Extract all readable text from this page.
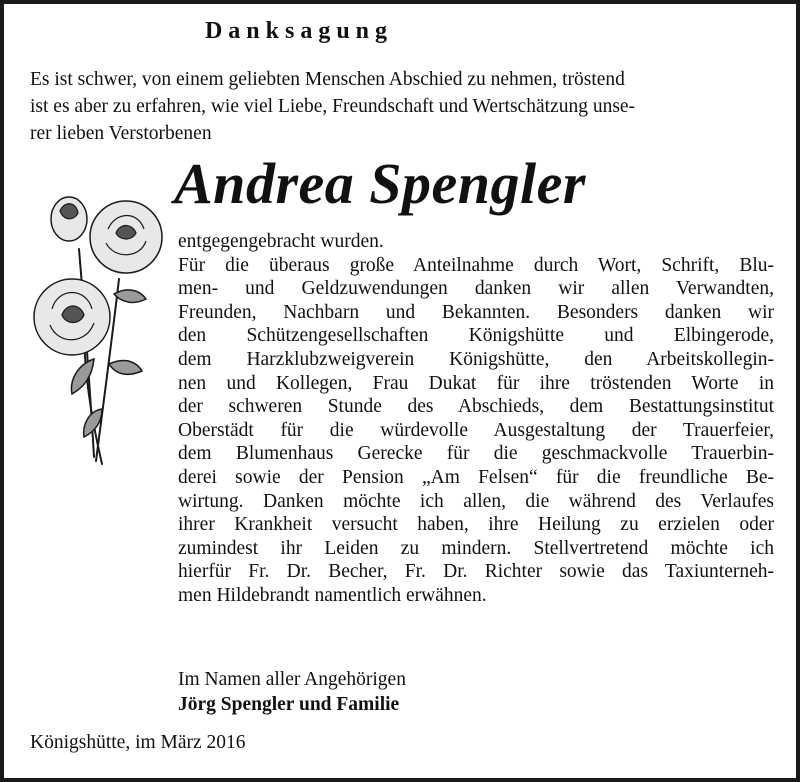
Danksagung
Es ist schwer, von einem geliebten Menschen Abschied zu nehmen, tröstend
ist es aber zu erfahren, wie viel Liebe, Freundschaft und Wertschätzung unse-
rer lieben Verstorbenen
Andrea Spengler
entgegengebracht wurden.
Für die überaus große Anteilnahme durch Wort, Schrift, Blu-
men- und Geldzuwendungen danken wir allen Verwandten,
Freunden, Nachbarn und Bekannten. Besonders danken wir
den Schützengesellschaften Königshütte und Elbingerode,
dem Harzklubzweigverein Königshütte, den Arbeitskollegin-
nen und Kollegen, Frau Dukat für ihre tröstenden Worte in
der schweren Stunde des Abschieds, dem Bestattungsinstitut
Oberstädt für die würdevolle Ausgestaltung der Trauerfeier,
dem Blumenhaus Gerecke für die geschmackvolle Trauerbin-
derei sowie der Pension „Am Felsen“ für die freundliche Be-
wirtung. Danken möchte ich allen, die während des Verlaufes
ihrer Krankheit versucht haben, ihre Heilung zu erzielen oder
zumindest ihr Leiden zu mindern. Stellvertretend möchte ich
hierfür Fr. Dr. Becher, Fr. Dr. Richter sowie das Taxiunterneh-
men Hildebrandt namentlich erwähnen.
Im Namen aller Angehörigen
Jörg Spengler und Familie
Königshütte, im März 2016
